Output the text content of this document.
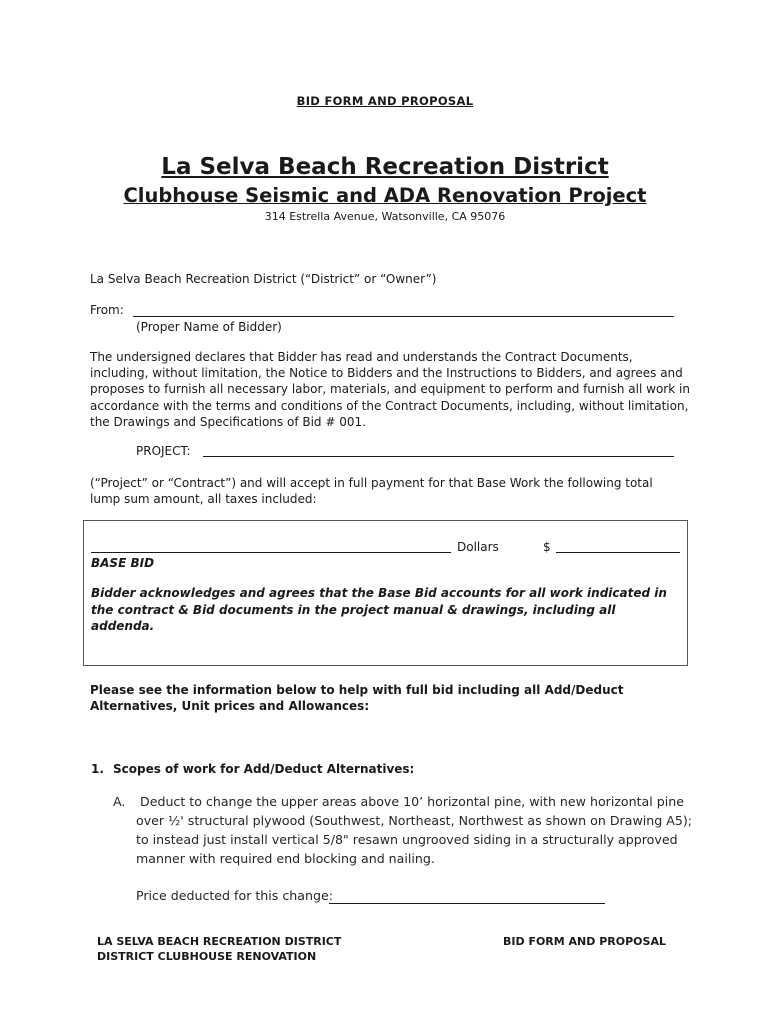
BID FORM AND PROPOSAL
La Selva Beach Recreation District
Clubhouse Seismic and ADA Renovation Project
314 Estrella Avenue, Watsonville, CA 95076
La Selva Beach Recreation District (“District” or “Owner”)
From:
(Proper Name of Bidder)
The undersigned declares that Bidder has read and understands the Contract Documents, including, without limitation, the Notice to Bidders and the Instructions to Bidders, and agrees and proposes to furnish all necessary labor, materials, and equipment to perform and furnish all work in accordance with the terms and conditions of the Contract Documents, including, without limitation, the Drawings and Specifications of Bid # 001.
PROJECT:
(“Project” or “Contract”) and will accept in full payment for that Base Work the following total lump sum amount, all taxes included:
Dollars	$
BASE BID
Bidder acknowledges and agrees that the Base Bid accounts for all work indicated in the contract & Bid documents in the project manual & drawings, including all addenda.
Please see the information below to help with full bid including all Add/Deduct Alternatives, Unit prices and Allowances:
1. Scopes of work for Add/Deduct Alternatives:
A. Deduct to change the upper areas above 10’ horizontal pine, with new horizontal pine
over ½' structural plywood (Southwest, Northeast, Northwest as shown on Drawing A5);
to instead just install vertical 5/8" resawn ungrooved siding in a structurally approved
manner with required end blocking and nailing.
Price deducted for this change:
LA SELVA BEACH RECREATION DISTRICT
DISTRICT CLUBHOUSE RENOVATION
BID FORM AND PROPOSAL
